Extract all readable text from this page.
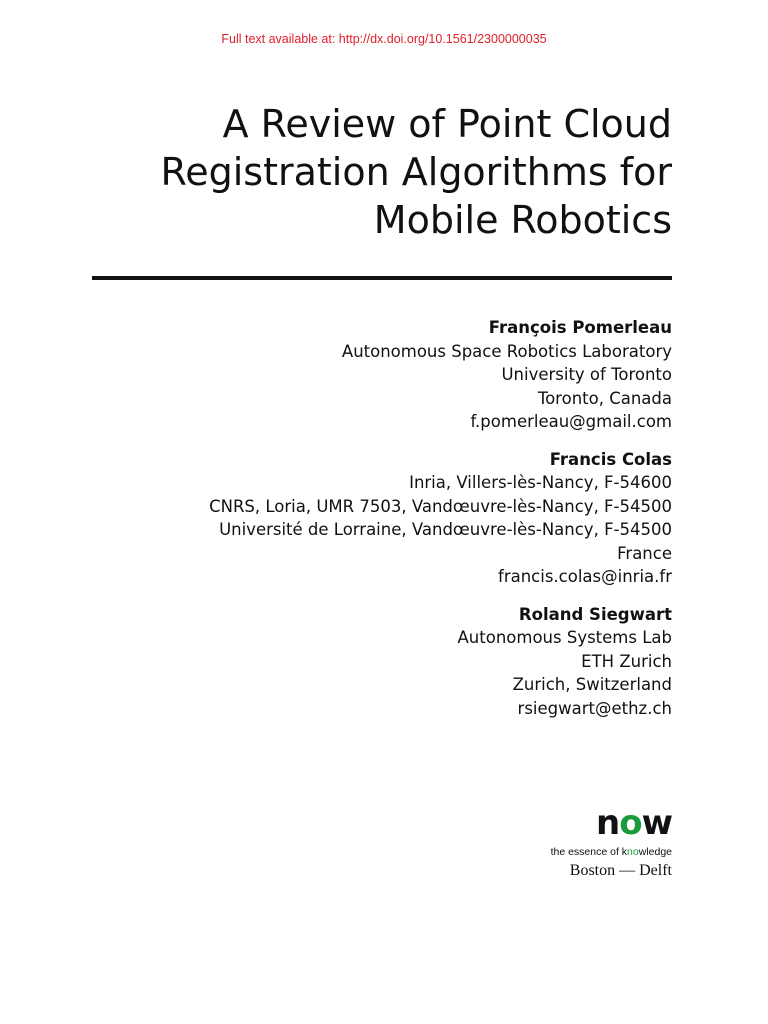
Full text available at: http://dx.doi.org/10.1561/2300000035
A Review of Point Cloud
Registration Algorithms for
Mobile Robotics
François Pomerleau
Autonomous Space Robotics Laboratory
University of Toronto
Toronto, Canada
f.pomerleau@gmail.com
Francis Colas
Inria, Villers-lès-Nancy, F-54600
CNRS, Loria, UMR 7503, Vandœuvre-lès-Nancy, F-54500
Université de Lorraine, Vandœuvre-lès-Nancy, F-54500
France
francis.colas@inria.fr
Roland Siegwart
Autonomous Systems Lab
ETH Zurich
Zurich, Switzerland
rsiegwart@ethz.ch
now
the essence of knowledge
Boston — Delft
